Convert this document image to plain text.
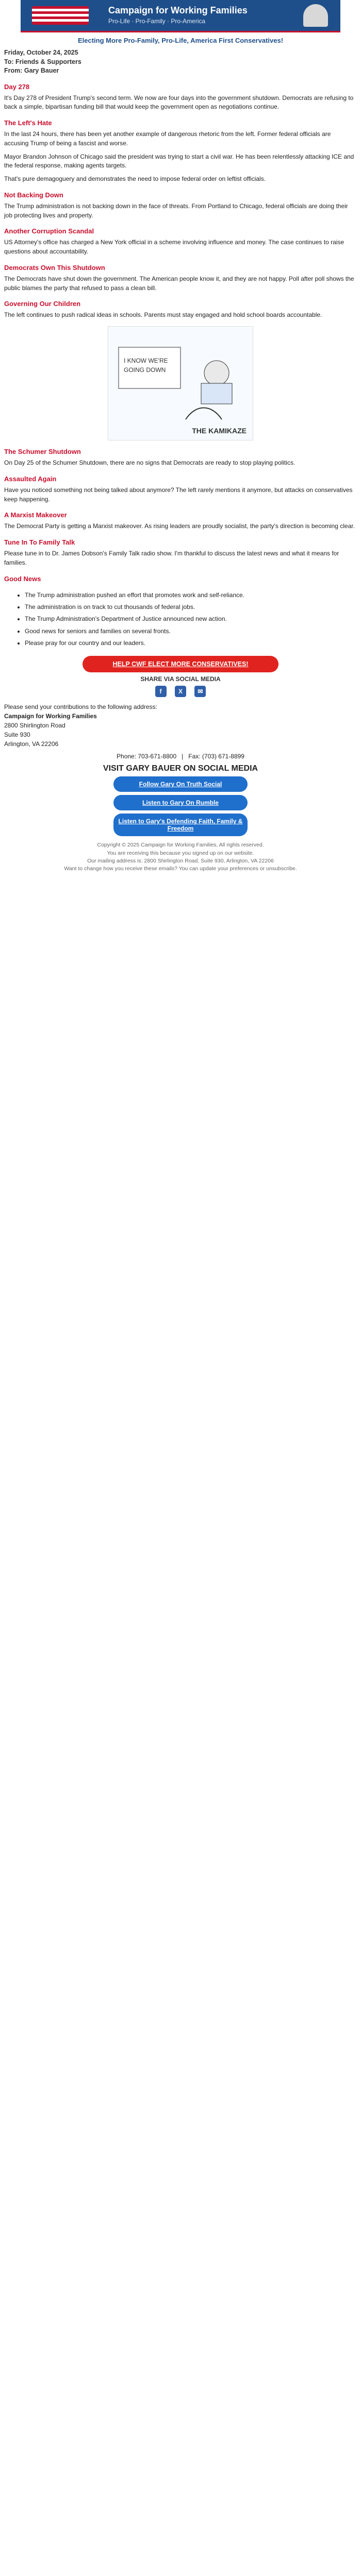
Campaign for Working Families
Pro-Life · Pro-Family · Pro-America
Electing More Pro-Family, Pro-Life, America First Conservatives!
Friday, October 24, 2025
To: Friends & Supporters
From: Gary Bauer
Day 278

It's Day 278 of President Trump's second term. We now are four days into the government shutdown. Democrats are refusing to back a simple, bipartisan funding bill that would keep the government open as negotiations continue.

The Left's Hate

In the last 24 hours, there has been yet another example of dangerous rhetoric from the left. Former federal officials are accusing Trump of being a fascist and worse.

Mayor Brandon Johnson of Chicago said the president was trying to start a civil war. He has been relentlessly attacking ICE and the federal response, making agents targets.

That's pure demagoguery and demonstrates the need to impose federal order on leftist officials.

Not Backing Down

The Trump administration is not backing down in the face of threats. From Portland to Chicago, federal officials are doing their job protecting lives and property.

Another Corruption Scandal

US Attorney's office has charged a New York official in a scheme involving influence and money. The case continues to raise questions about accountability.

Democrats Own This Shutdown

The Democrats have shut down the government. The American people know it, and they are not happy. Poll after poll shows the public blames the party that refused to pass a clean bill.

Governing Our Children

The left continues to push radical ideas in schools. Parents must stay engaged and hold school boards accountable.

I KNOW WE'RE
GOING DOWN
THE KAMIKAZE
The Schumer Shutdown

On Day 25 of the Schumer Shutdown, there are no signs that Democrats are ready to stop playing politics.

Assaulted Again

Have you noticed something not being talked about anymore? The left rarely mentions it anymore, but attacks on conservatives keep happening.

A Marxist Makeover

The Democrat Party is getting a Marxist makeover. As rising leaders are proudly socialist, the party's direction is becoming clear.

Tune In To Family Talk

Please tune in to Dr. James Dobson's Family Talk radio show. I'm thankful to discuss the latest news and what it means for families.

Good News
• The Trump administration pushed an effort that promotes work and self-reliance.
• The administration is on track to cut thousands of federal jobs.
• The Trump Administration's Department of Justice announced new action.
• Good news for seniors and families on several fronts.
• Please pray for our country and our leaders.
HELP CWF ELECT MORE CONSERVATIVES!
SHARE VIA SOCIAL MEDIA
f	X ✉
Please send your contributions to the following address:
Campaign for Working Families
2800 Shirlington Road
Suite 930
Arlington, VA 22206
Phone: 703-671-8800   |   Fax: (703) 671-8899
VISIT GARY BAUER ON SOCIAL MEDIA
Follow Gary On Truth Social
Listen to Gary On Rumble
Listen to Gary's Defending Faith, Family & Freedom
Copyright © 2025 Campaign for Working Families, All rights reserved.
You are receiving this because you signed up on our website.
Our mailing address is: 2800 Shirlington Road, Suite 930, Arlington, VA 22206
Want to change how you receive these emails? You can update your preferences or unsubscribe.
